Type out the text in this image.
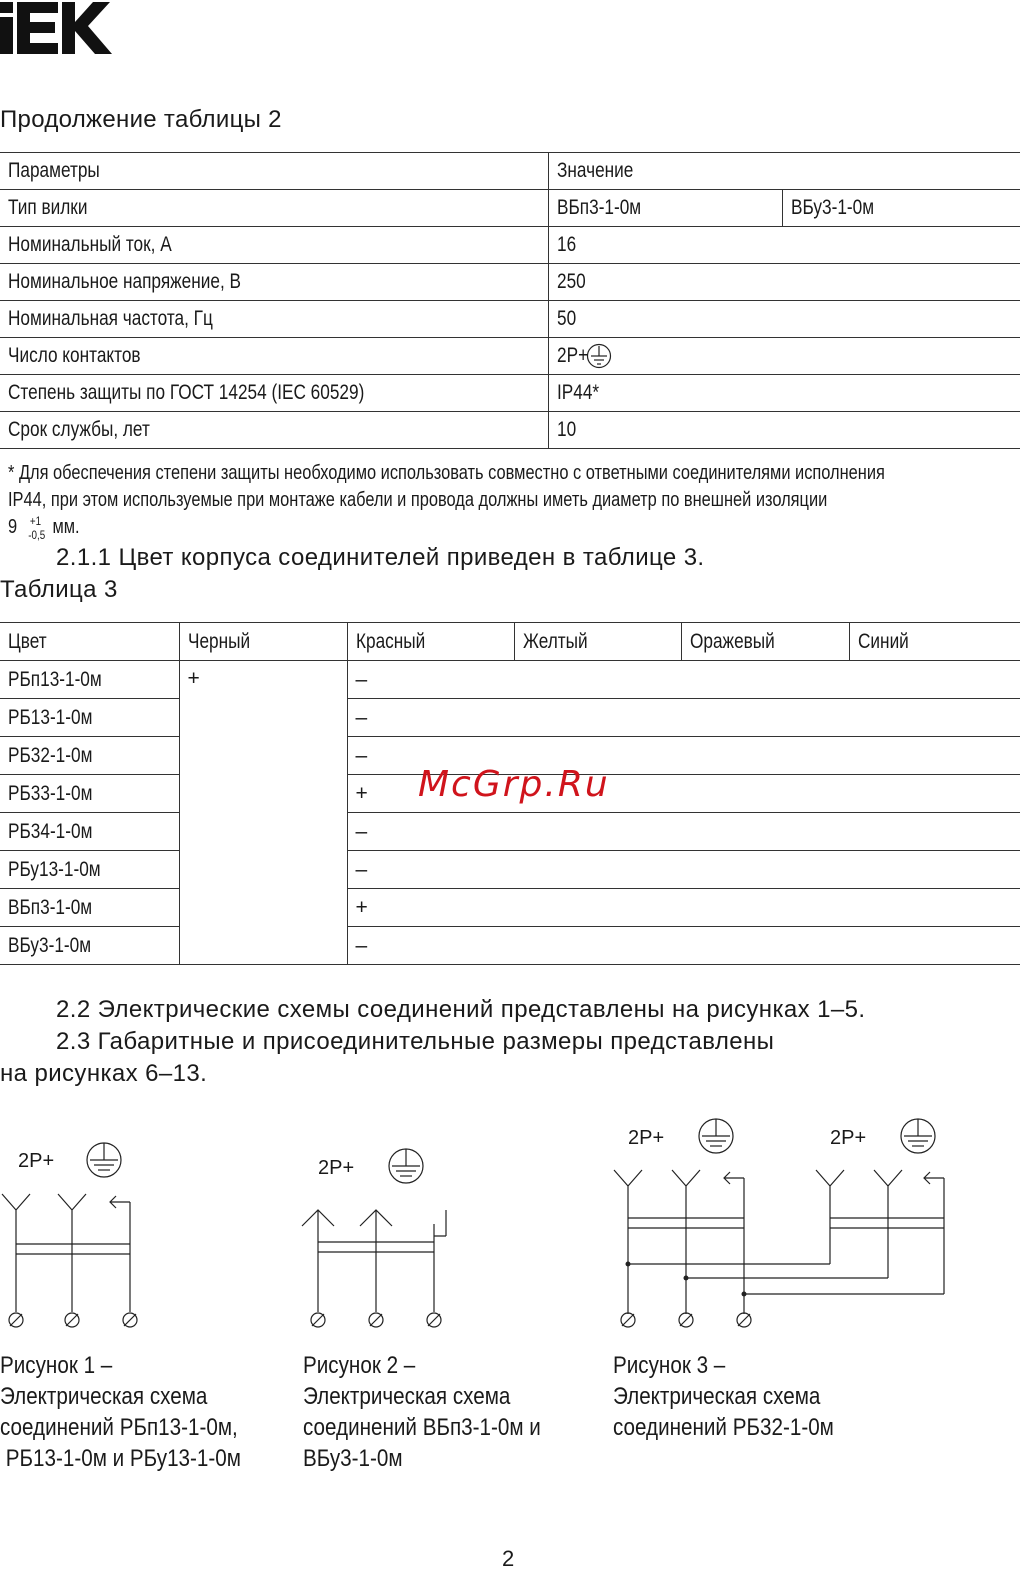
Продолжение таблицы 2
Параметры	Значение	
Тип вилки	ВБп3-1-0м	ВБу3-1-0м
Номинальный ток, А	16	
Номинальное напряжение, В	250	
Номинальная частота, Гц	50	
Число контактов	2P+	
Степень защиты по ГОСТ 14254 (IEC 60529)	IP44*	
Срок службы, лет	10	
* Для обеспечения степени защиты необходимо использовать совместно с ответными соединителями исполнения
IP44, при этом используемые при монтаже кабели и провода должны иметь диаметр по внешней изоляции
9 +1
-0,5 мм.
2.1.1 Цвет корпуса соединителей приведен в таблице 3.
Таблица 3
Цвет	Черный	Красный	Желтый	Оражевый	Синий
РБп13-1-0м	+	–			
РБ13-1-0м		–			
РБ32-1-0м		–			
РБ33-1-0м		+			
РБ34-1-0м		–			
РБу13-1-0м		–			
ВБп3-1-0м		+			
ВБу3-1-0м		–			
McGrp.Ru
2.2 Электрические схемы соединений представлены на рисунках 1–5.
2.3 Габаритные и присоединительные размеры представлены
на рисунках 6–13.
2P+	2P+
2P+	2P+
Рисунок 1 –
Электрическая схема
соединений РБп13-1-0м,
РБ13-1-0м и РБу13-1-0м
Рисунок 2 –
Электрическая схема
соединений ВБп3-1-0м и
ВБу3-1-0м
Рисунок 3 –
Электрическая схема
соединений РБ32-1-0м
2
